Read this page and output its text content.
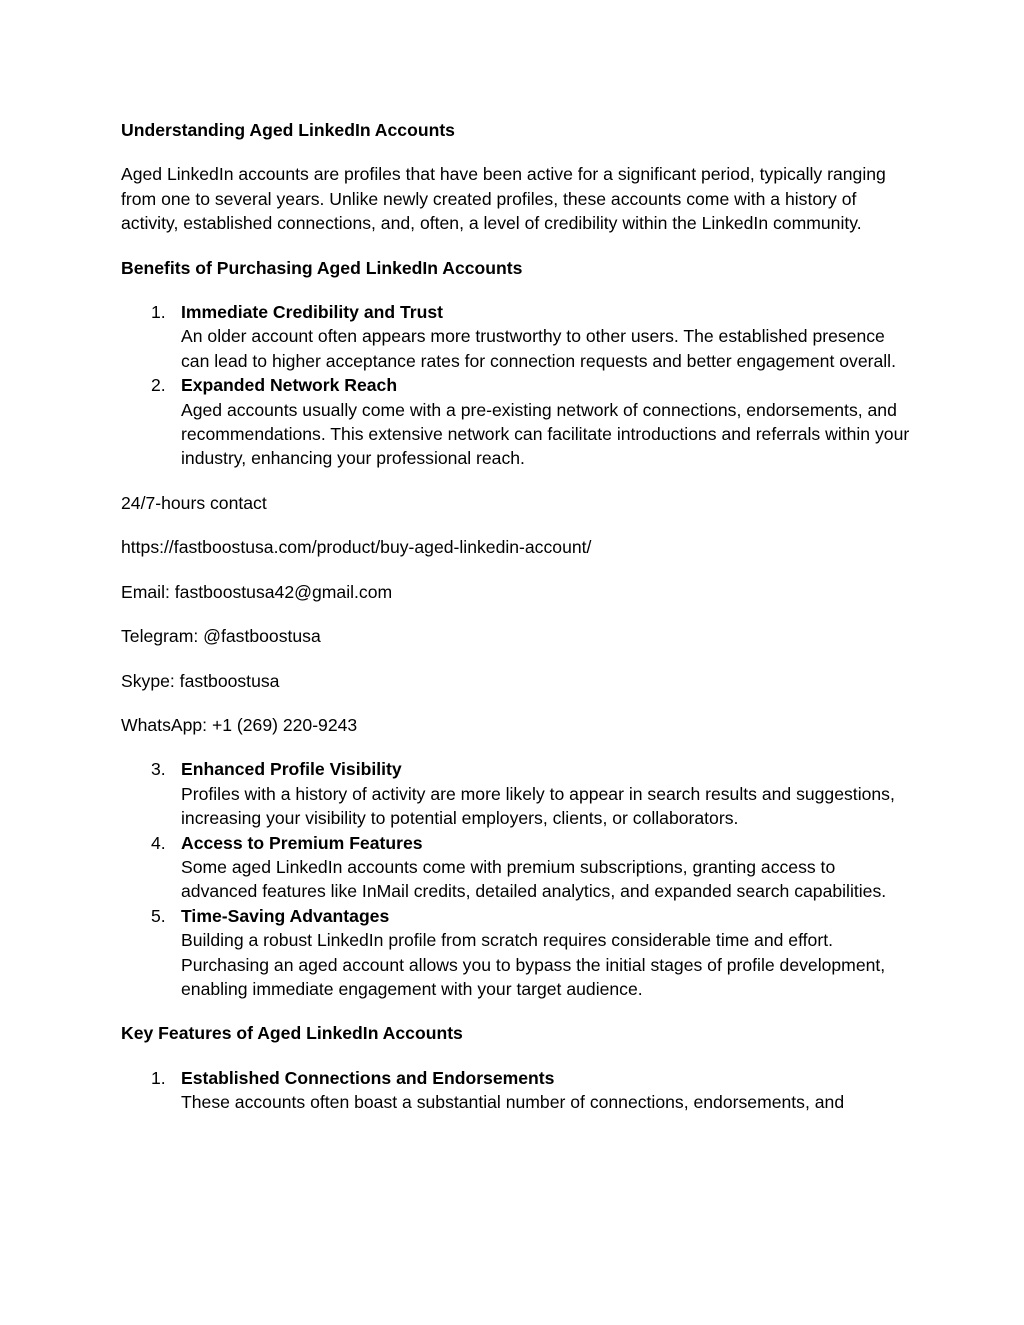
Understanding Aged LinkedIn Accounts
Aged LinkedIn accounts are profiles that have been active for a significant period, typically ranging from one to several years. Unlike newly created profiles, these accounts come with a history of activity, established connections, and, often, a level of credibility within the LinkedIn community.
Benefits of Purchasing Aged LinkedIn Accounts
1. Immediate Credibility and Trust
An older account often appears more trustworthy to other users. The established presence can lead to higher acceptance rates for connection requests and better engagement overall.
2. Expanded Network Reach
Aged accounts usually come with a pre-existing network of connections, endorsements, and recommendations. This extensive network can facilitate introductions and referrals within your industry, enhancing your professional reach.
24/7-hours contact
https://fastboostusa.com/product/buy-aged-linkedin-account/
Email: fastboostusa42@gmail.com
Telegram: @fastboostusa
Skype: fastboostusa
WhatsApp: +1 (269) 220-9243
3. Enhanced Profile Visibility
Profiles with a history of activity are more likely to appear in search results and suggestions, increasing your visibility to potential employers, clients, or collaborators.
4. Access to Premium Features
Some aged LinkedIn accounts come with premium subscriptions, granting access to advanced features like InMail credits, detailed analytics, and expanded search capabilities.
5. Time-Saving Advantages
Building a robust LinkedIn profile from scratch requires considerable time and effort. Purchasing an aged account allows you to bypass the initial stages of profile development, enabling immediate engagement with your target audience.
Key Features of Aged LinkedIn Accounts
1. Established Connections and Endorsements
These accounts often boast a substantial number of connections, endorsements, and
